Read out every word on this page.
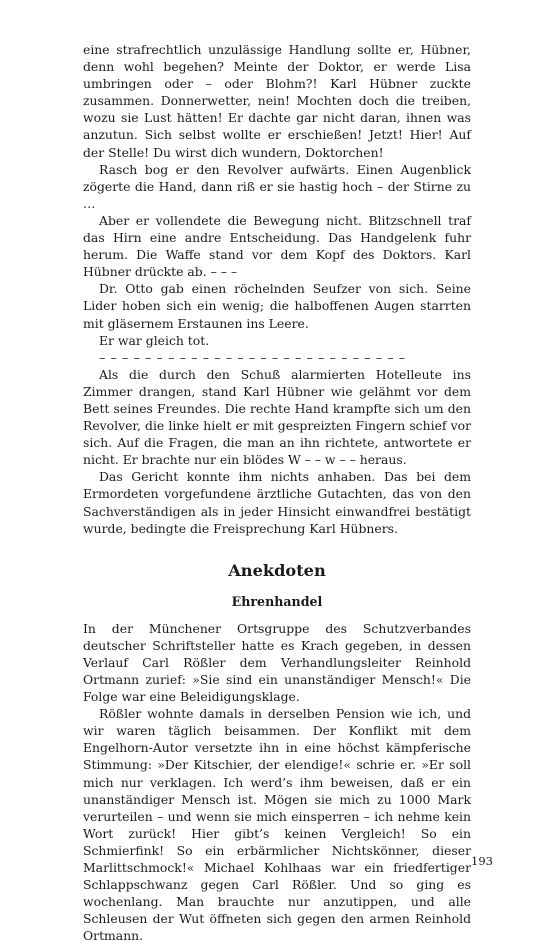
eine strafrechtlich unzulässige Handlung sollte er, Hübner, denn wohl begehen? Meinte der Doktor, er werde Lisa umbringen oder – oder Blohm?! Karl Hübner zuckte zusammen. Donnerwetter, nein! Mochten doch die treiben, wozu sie Lust hätten! Er dachte gar nicht daran, ihnen was anzutun. Sich selbst wollte er erschießen! Jetzt! Hier! Auf der Stelle! Du wirst dich wundern, Doktorchen!

Rasch bog er den Revolver aufwärts. Einen Augenblick zögerte die Hand, dann riß er sie hastig hoch – der Stirne zu …

Aber er vollendete die Bewegung nicht. Blitzschnell traf das Hirn eine andre Entscheidung. Das Handgelenk fuhr herum. Die Waffe stand vor dem Kopf des Doktors. Karl Hübner drückte ab. – – –

Dr. Otto gab einen röchelnden Seufzer von sich. Seine Lider hoben sich ein wenig; die halboffenen Augen starrten mit gläsernem Erstaunen ins Leere.

Er war gleich tot.

– – – – – – – – – – – – – – – – – – – – – – – – – – –

Als die durch den Schuß alarmierten Hotelleute ins Zimmer drangen, stand Karl Hübner wie gelähmt vor dem Bett seines Freundes. Die rechte Hand krampfte sich um den Revolver, die linke hielt er mit gespreizten Fingern schief vor sich. Auf die Fragen, die man an ihn richtete, antwortete er nicht. Er brachte nur ein blödes W – – w – – heraus.

Das Gericht konnte ihm nichts anhaben. Das bei dem Ermordeten vorgefundene ärztliche Gutachten, das von den Sachverständigen als in jeder Hinsicht einwandfrei bestätigt wurde, bedingte die Freisprechung Karl Hübners.

Anekdoten
Ehrenhandel

In der Münchener Ortsgruppe des Schutzverbandes deutscher Schriftsteller hatte es Krach gegeben, in dessen Verlauf Carl Rößler dem Verhandlungsleiter Reinhold Ortmann zurief: »Sie sind ein unanständiger Mensch!« Die Folge war eine Beleidigungsklage.

Rößler wohnte damals in derselben Pension wie ich, und wir waren täglich beisammen. Der Konflikt mit dem Engelhorn-Autor versetzte ihn in eine höchst kämpferische Stimmung: »Der Kitschier, der elendige!« schrie er. »Er soll mich nur verklagen. Ich werd’s ihm beweisen, daß er ein unanständiger Mensch ist. Mögen sie mich zu 1000 Mark verurteilen – und wenn sie mich einsperren – ich nehme kein Wort zurück! Hier gibt’s keinen Vergleich! So ein Schmierfink! So ein erbärmlicher Nichtskönner, dieser Marlittschmock!« Michael Kohlhaas war ein friedfertiger Schlappschwanz gegen Carl Rößler. Und so ging es wochenlang. Man brauchte nur anzutippen, und alle Schleusen der Wut öffneten sich gegen den armen Reinhold Ortmann.

193
